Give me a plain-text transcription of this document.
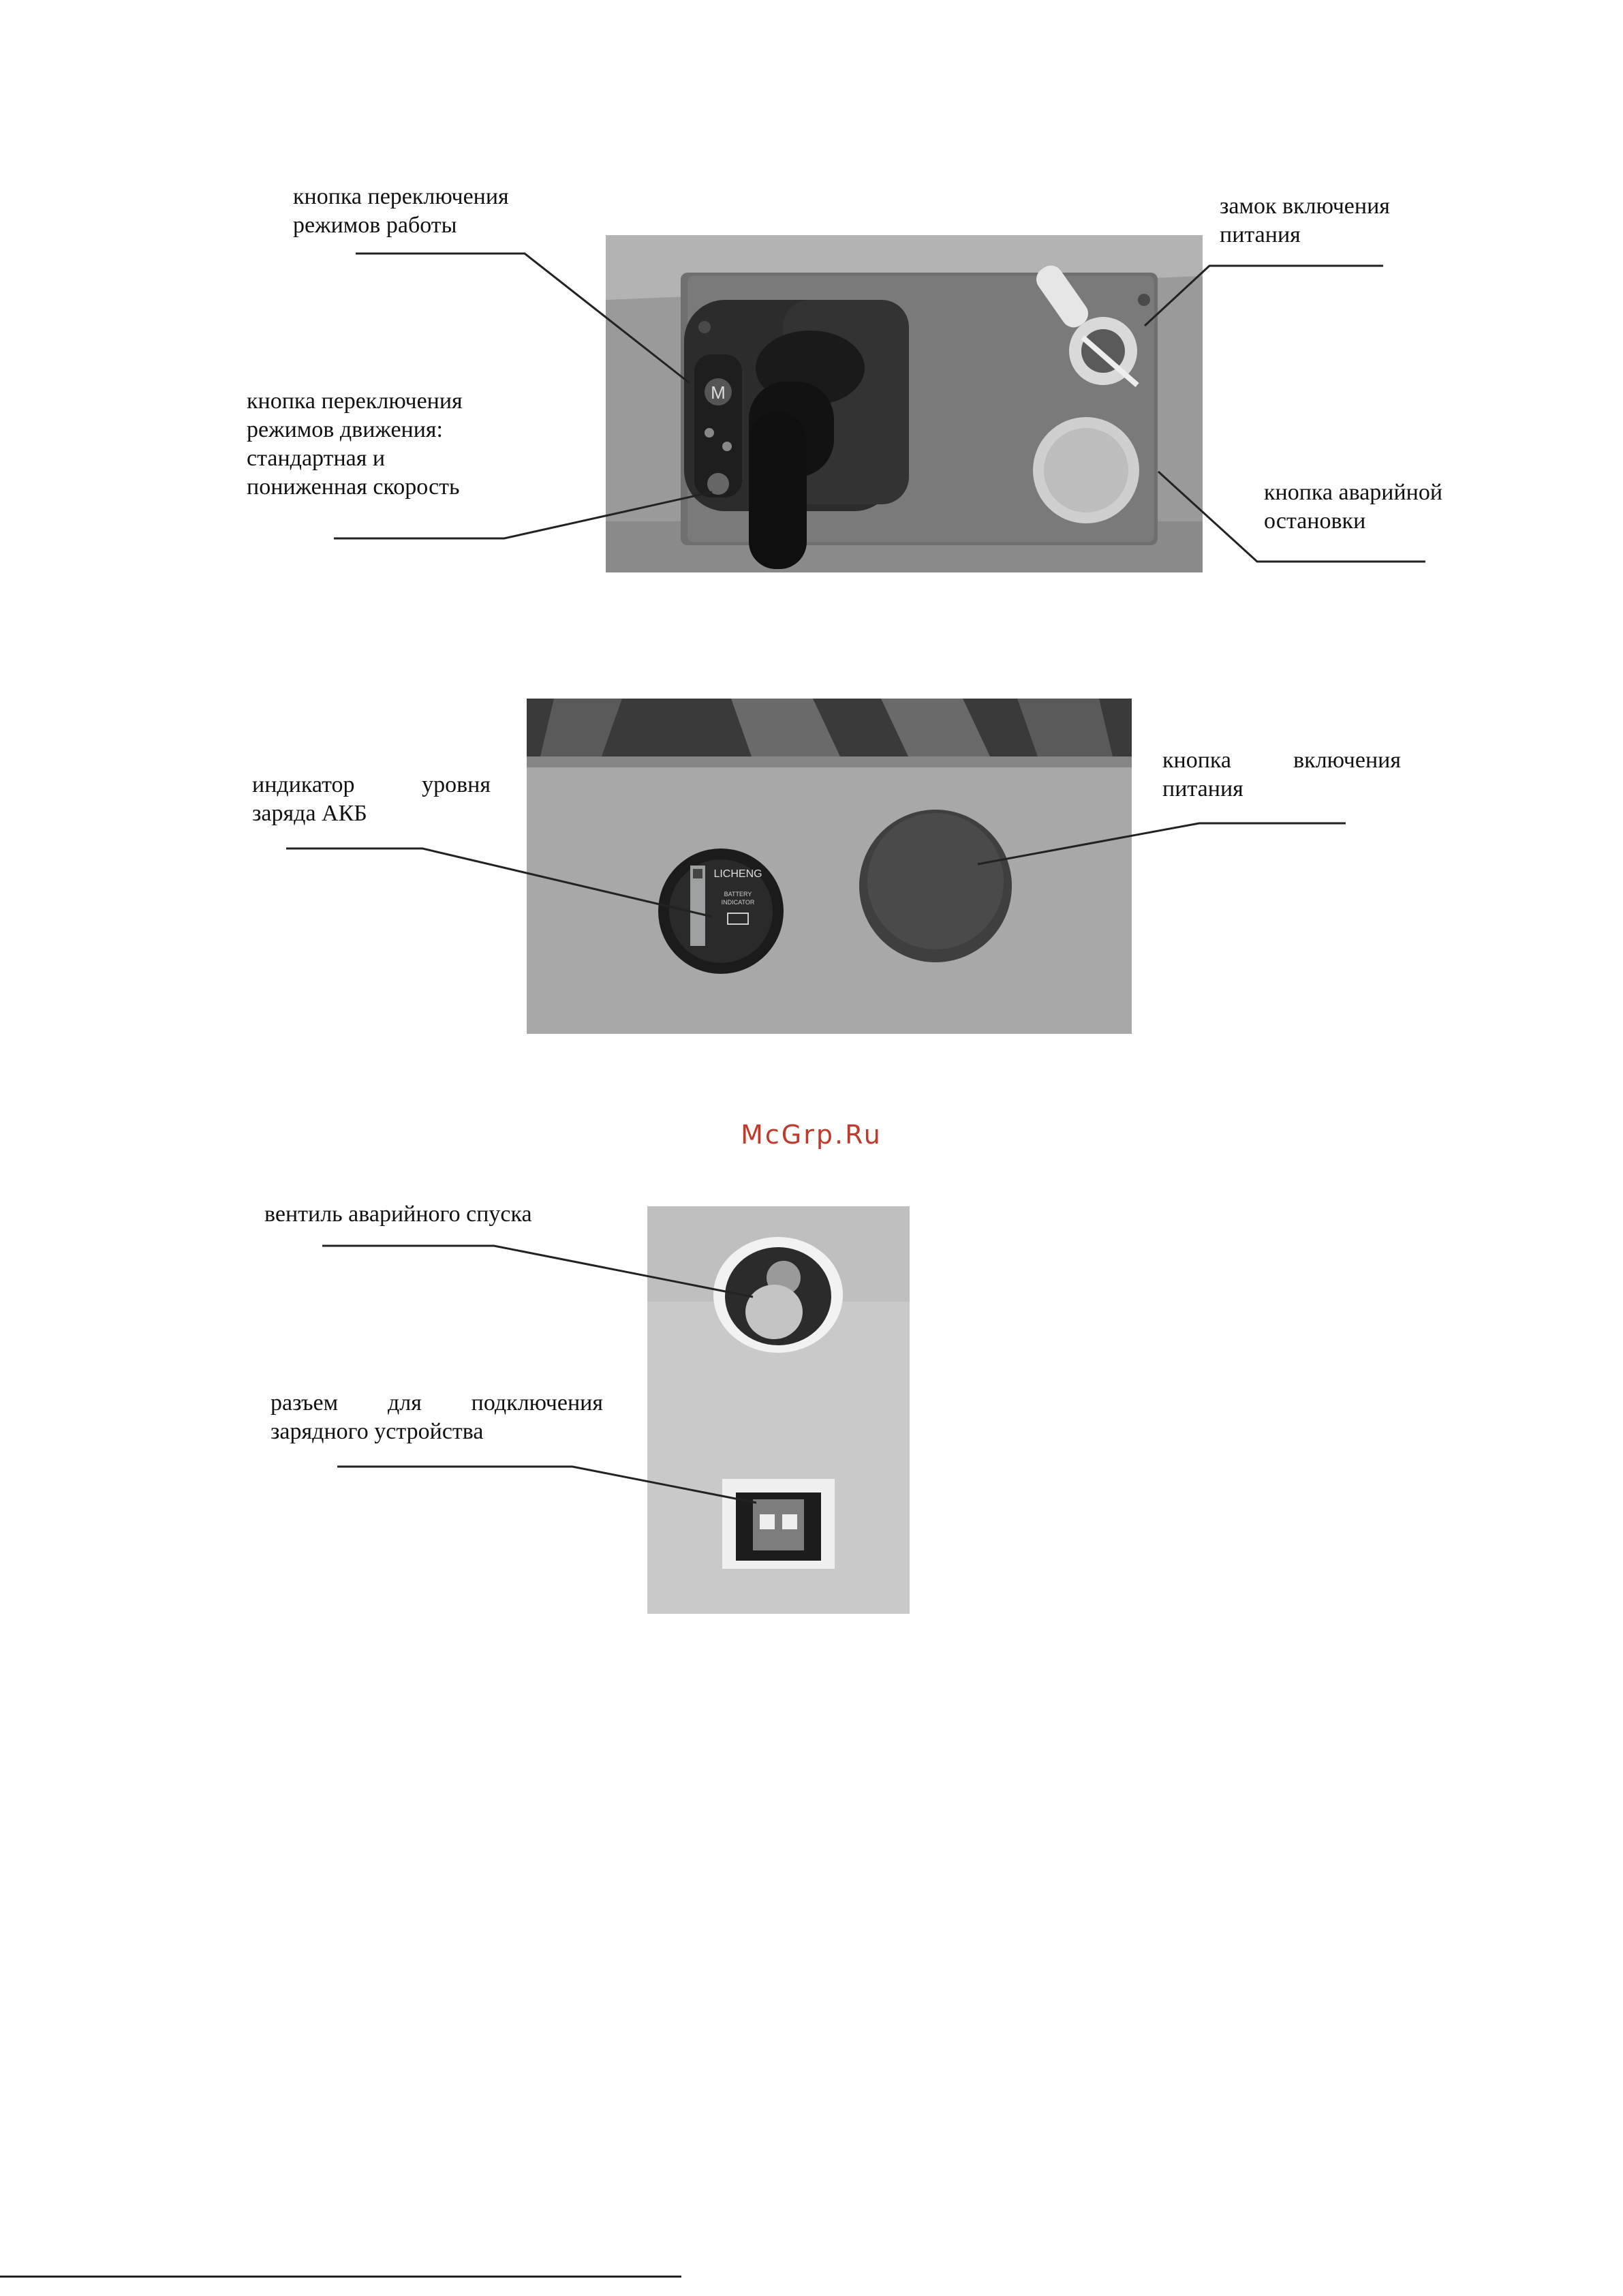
M
кнопка переключения
режимов работы
кнопка переключения
режимов движения:
стандартная и
пониженная скорость
замок включения
питания
кнопка аварийной
остановки
LICHENG
BATTERY
INDICATOR
индикатор уровня
заряда АКБ
кнопка включения
питания
McGrp.Ru
вентиль аварийного спуска
разъем для подключения
зарядного устройства
